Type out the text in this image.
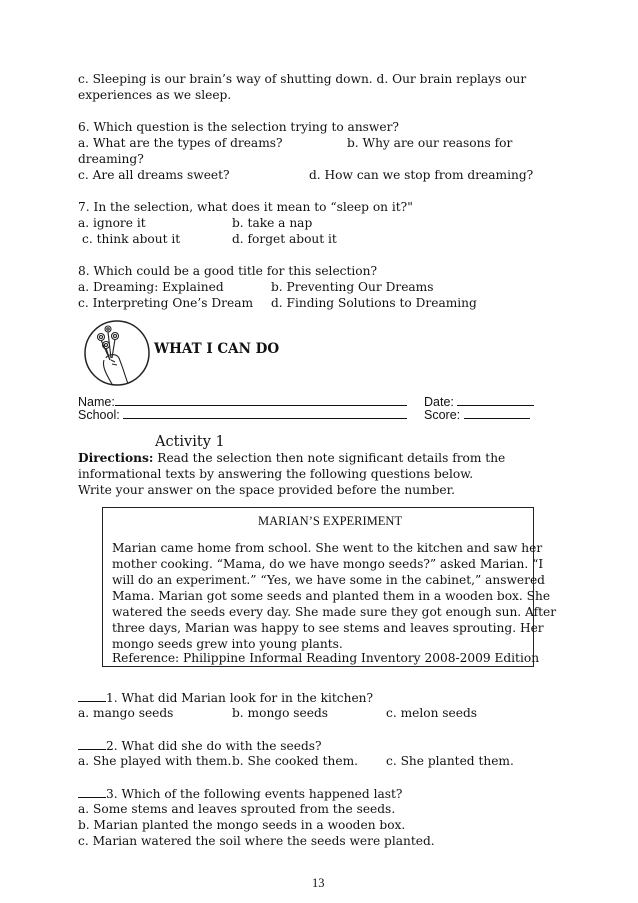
c. Sleeping is our brain’s way of shutting down. d. Our brain replays our
experiences as we sleep.
6. Which question is the selection trying to answer?
a. What are the types of dreams?	b. Why are our reasons for
dreaming?
c. Are all dreams sweet?	d. How can we stop from dreaming?
7. In the selection, what does it mean to “sleep on it?"
a. ignore it	b. take a nap
c. think about it	d. forget about it
8. Which could be a good title for this selection?
a. Dreaming: Explained	b. Preventing Our Dreams
c. Interpreting One’s Dream d. Finding Solutions to Dreaming
WHAT I CAN DO
Name:	Date:
School:	Score:
Activity 1
Directions: Read the selection then note significant details from the
informational texts by answering the following questions below.
Write your answer on the space provided before the number.
MARIAN’S EXPERIMENT
Marian came home from school. She went to the kitchen and saw her
mother cooking. “Mama, do we have mongo seeds?” asked Marian. “I
will do an experiment.” “Yes, we have some in the cabinet,” answered
Mama. Marian got some seeds and planted them in a wooden box. She
watered the seeds every day. She made sure they got enough sun. After
three days, Marian was happy to see stems and leaves sprouting. Her
mongo seeds grew into young plants.
Reference: Philippine Informal Reading Inventory 2008-2009 Edition
1. What did Marian look for in the kitchen?
a. mango seeds	b. mongo seeds	c. melon seeds
2. What did she do with the seeds?
a. She played with them. b. She cooked them. c. She planted them.
3. Which of the following events happened last?
a. Some stems and leaves sprouted from the seeds.
b. Marian planted the mongo seeds in a wooden box.
c. Marian watered the soil where the seeds were planted.
13
